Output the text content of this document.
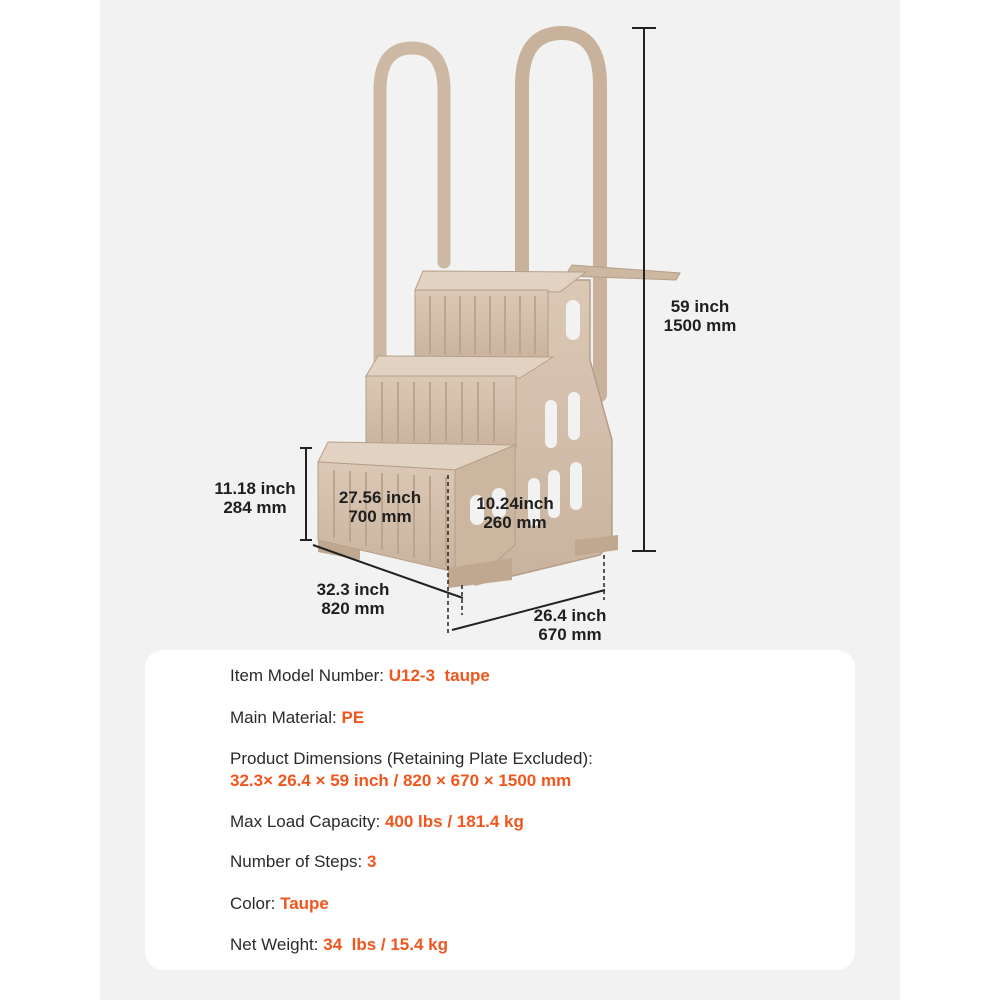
59 inch
1500 mm
11.18 inch
284 mm
27.56 inch
700 mm
10.24inch
260 mm
32.3 inch
820 mm	26.4 inch
670 mm
Item Model Number: U12-3  taupe
Main Material: PE
Product Dimensions (Retaining Plate Excluded):
32.3× 26.4 × 59 inch / 820 × 670 × 1500 mm
Max Load Capacity: 400 lbs / 181.4 kg
Number of Steps: 3
Color: Taupe
Net Weight: 34  lbs / 15.4 kg
